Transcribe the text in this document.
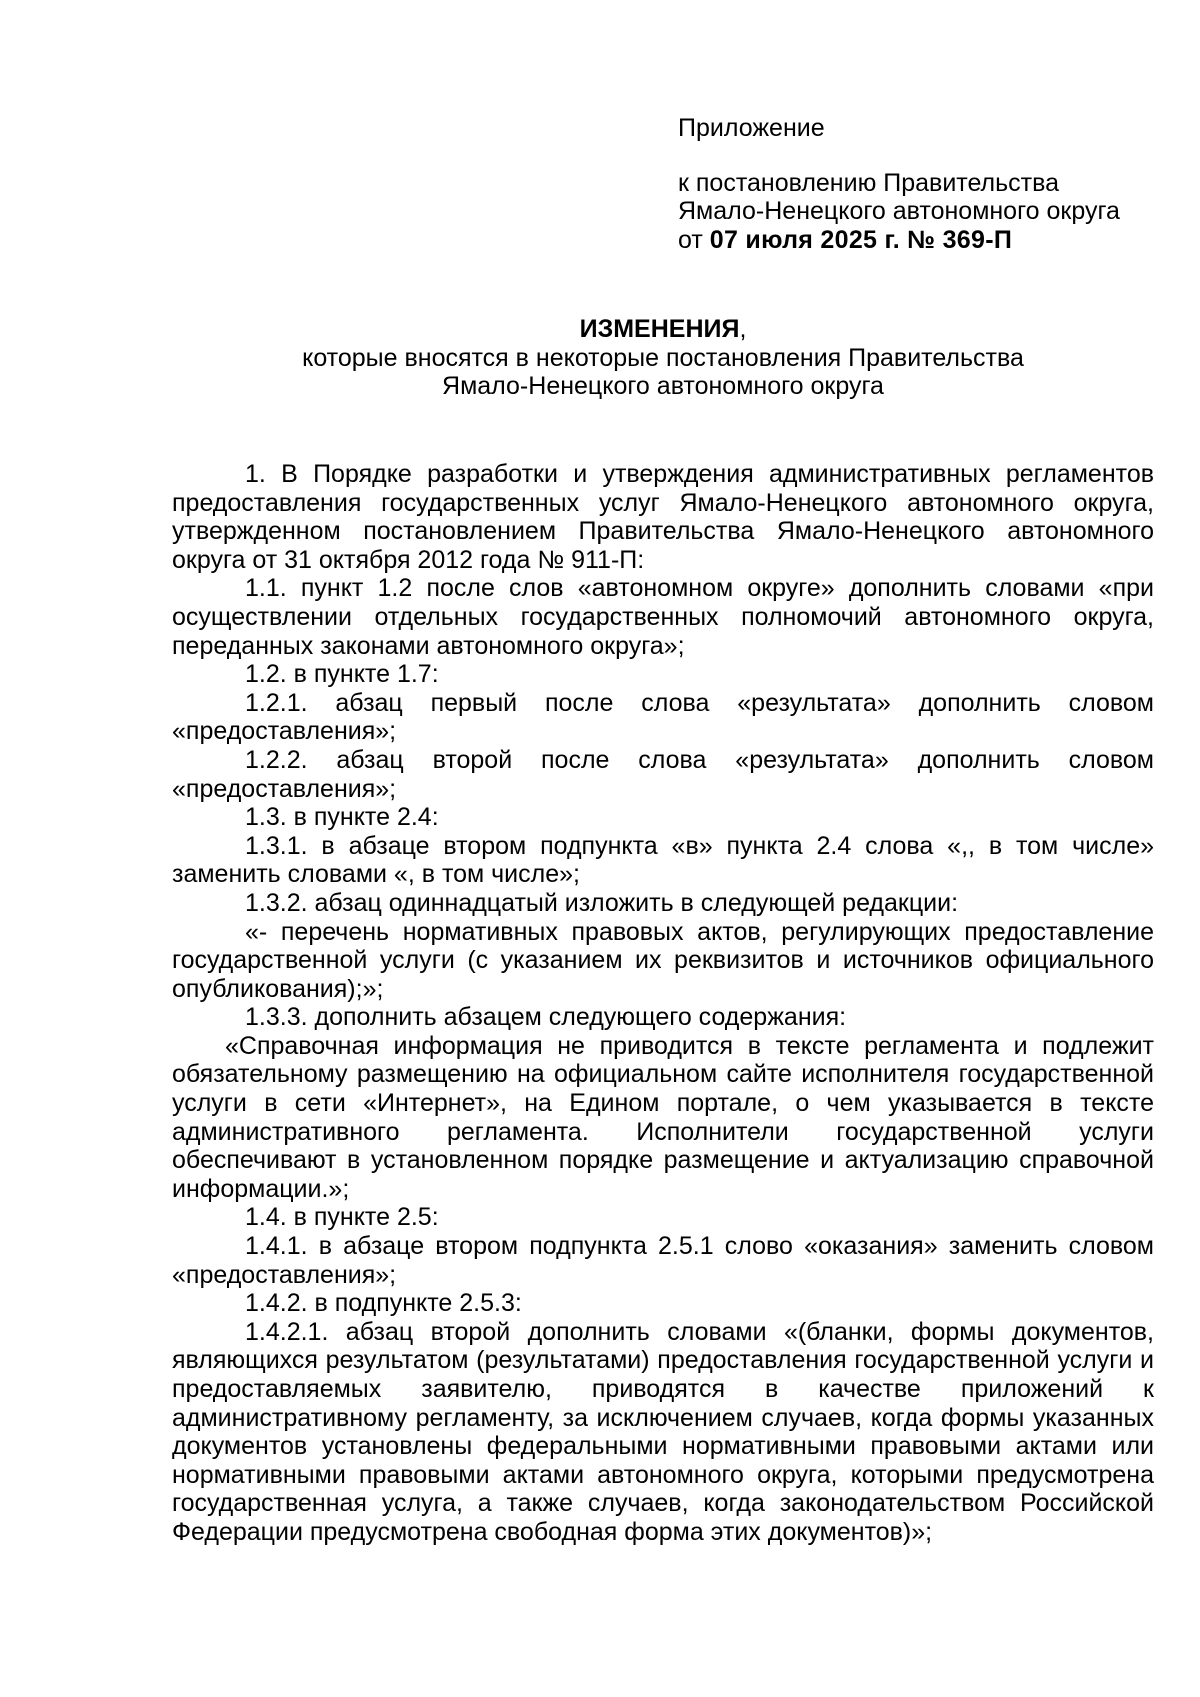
Приложение
к постановлению Правительства
Ямало-Ненецкого автономного округа
от 07 июля 2025 г. № 369-П
ИЗМЕНЕНИЯ,
которые вносятся в некоторые постановления Правительства
Ямало-Ненецкого автономного округа

1. В Порядке разработки и утверждения административных регламентов предоставления государственных услуг Ямало-Ненецкого автономного округа, утвержденном постановлением Правительства Ямало-Ненецкого автономного округа от 31 октября 2012 года № 911-П:

1.1. пункт 1.2 после слов «автономном округе» дополнить словами «при осуществлении отдельных государственных полномочий автономного округа, переданных законами автономного округа»;

1.2. в пункте 1.7:

1.2.1. абзац первый после слова «результата» дополнить словом «предоставления»;

1.2.2. абзац второй после слова «результата» дополнить словом «предоставления»;

1.3. в пункте 2.4:

1.3.1. в абзаце втором подпункта «в» пункта 2.4 слова «,, в том числе» заменить словами «, в том числе»;

1.3.2. абзац одиннадцатый изложить в следующей редакции:

«- перечень нормативных правовых актов, регулирующих предоставление государственной услуги (с указанием их реквизитов и источников официального опубликования);»;

1.3.3. дополнить абзацем следующего содержания:

«Справочная информация не приводится в тексте регламента и подлежит обязательному размещению на официальном сайте исполнителя государственной услуги в сети «Интернет», на Едином портале, о чем указывается в тексте административного регламента. Исполнители государственной услуги обеспечивают в установленном порядке размещение и актуализацию справочной информации.»;

1.4. в пункте 2.5:

1.4.1. в абзаце втором подпункта 2.5.1 слово «оказания» заменить словом «предоставления»;

1.4.2. в подпункте 2.5.3:

1.4.2.1. абзац второй дополнить словами «(бланки, формы документов, являющихся результатом (результатами) предоставления государственной услуги и предоставляемых заявителю, приводятся в качестве приложений к административному регламенту, за исключением случаев, когда формы указанных документов установлены федеральными нормативными правовыми актами или нормативными правовыми актами автономного округа, которыми предусмотрена государственная услуга, а также случаев, когда законодательством Российской Федерации предусмотрена свободная форма этих документов)»;
